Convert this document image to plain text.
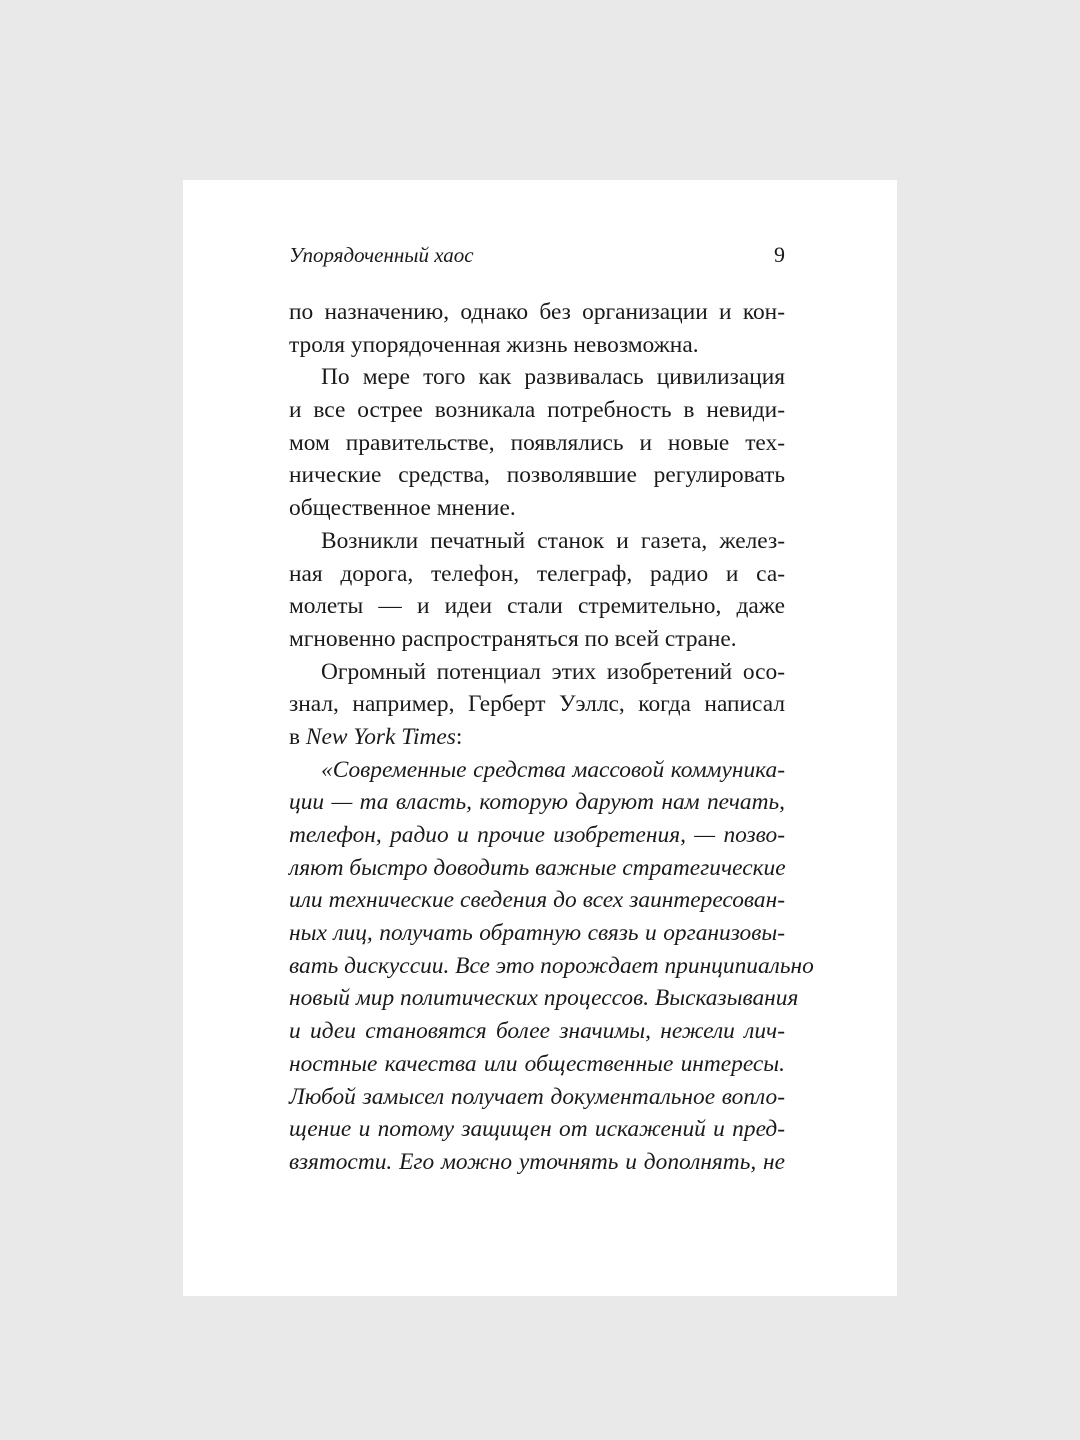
Упорядоченный хаос	9
по назначению, однако без организации и кон-
троля упорядоченная жизнь невозможна.
По мере того как развивалась цивилизация
и все острее возникала потребность в невиди-
мом правительстве, появлялись и новые тех-
нические средства, позволявшие регулировать
общественное мнение.
Возникли печатный станок и газета, желез-
ная дорога, телефон, телеграф, радио и са-
молеты — и идеи стали стремительно, даже
мгновенно распространяться по всей стране.
Огромный потенциал этих изобретений осо-
знал, например, Герберт Уэллс, когда написал
в New York Times:
«Современные средства массовой коммуника-
ции — та власть, которую даруют нам печать,
телефон, радио и прочие изобретения, — позво-
ляют быстро доводить важные стратегические
или технические сведения до всех заинтересован-
ных лиц, получать обратную связь и организовы-
вать дискуссии. Все это порождает принципиально
новый мир политических процессов. Высказывания
и идеи становятся более значимы, нежели лич-
ностные качества или общественные интересы.
Любой замысел получает документальное вопло-
щение и потому защищен от искажений и пред-
взятости. Его можно уточнять и дополнять, не
